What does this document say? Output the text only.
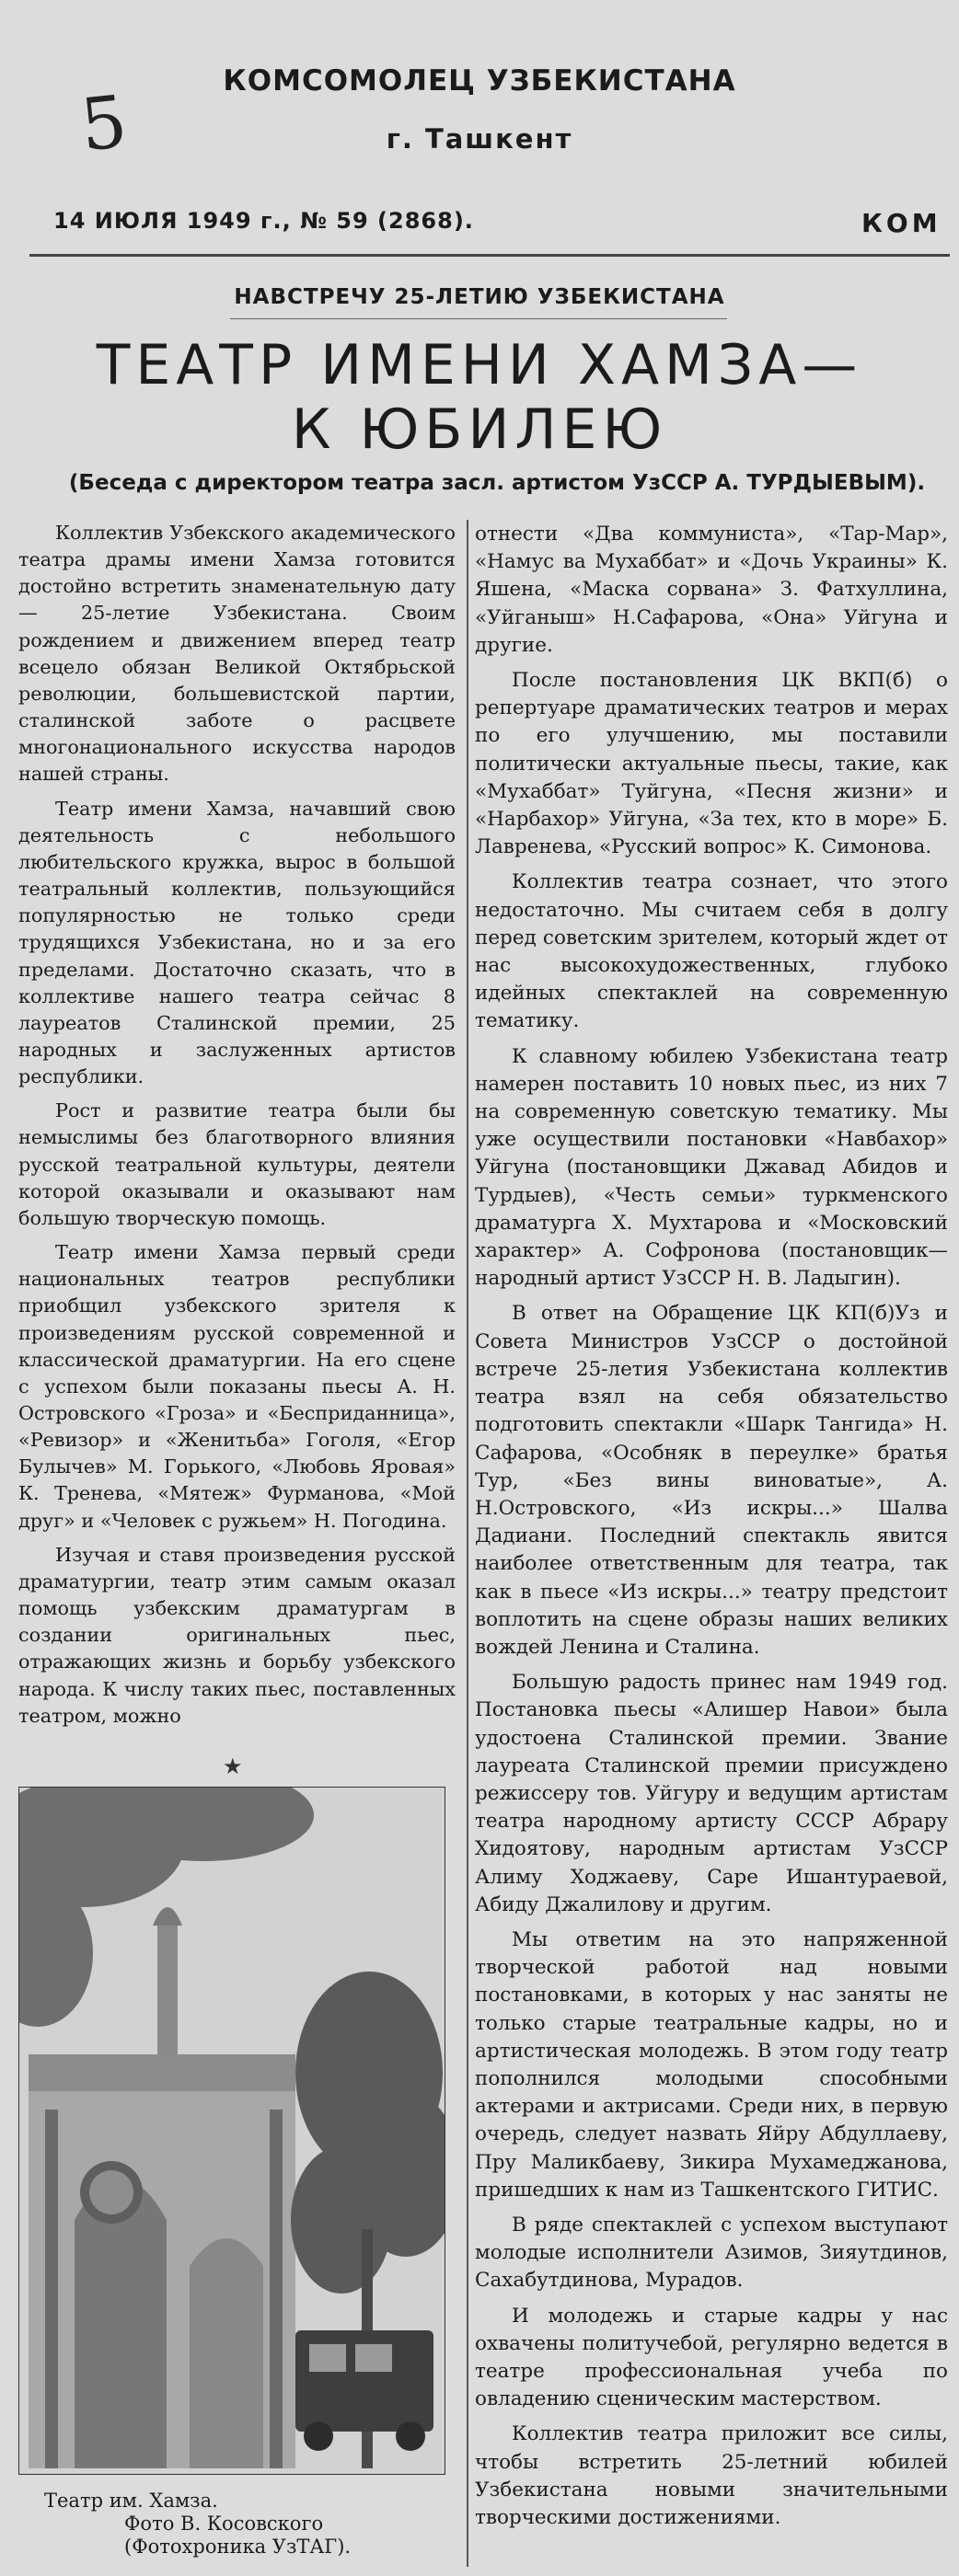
5	КОМСОМОЛЕЦ УЗБЕКИСТАНА
г. Ташкент
14 ИЮЛЯ 1949 г., № 59 (2868).	КОМ
НАВСТРЕЧУ 25-ЛЕТИЮ УЗБЕКИСТАНА
ТЕАТР ИМЕНИ ХАМЗА—
К ЮБИЛЕЮ
(Беседа с директором театра засл. артистом УзССР А. ТУРДЫЕВЫМ).

Коллектив Узбекского академического театра драмы имени Хамза готовится достойно встретить знаменательную дату— 25-летие Узбекистана. Своим рождением и движением вперед театр всецело обязан Великой Октябрьской революции, большевистской партии, сталинской заботе о расцвете многонационального искусства народов нашей страны.

Театр имени Хамза, начавший свою деятельность с небольшого любительского кружка, вырос в большой театральный коллектив, пользующийся популярностью не только среди трудящихся Узбекистана, но и за его пределами. Достаточно сказать, что в коллективе нашего театра сейчас 8 лауреатов Сталинской премии, 25 народных и заслуженных артистов республики.

Рост и развитие театра были бы немыслимы без благотворного влияния русской театральной культуры, деятели которой оказывали и оказывают нам большую творческую помощь.

Театр имени Хамза первый среди национальных театров республики приобщил узбекского зрителя к произведениям русской современной и классической драматургии. На его сцене с успехом были показаны пьесы А. Н. Островского «Гроза» и «Бесприданница», «Ревизор» и «Женитьба» Гоголя, «Егор Булычев» М. Горького, «Любовь Яровая» К. Тренева, «Мятеж» Фурманова, «Мой друг» и «Человек с ружьем» Н. Погодина.

Изучая и ставя произведения русской драматургии, театр этим самым оказал помощь узбекским драматургам в создании оригинальных пьес, отражающих жизнь и борьбу узбекского народа. К числу таких пьес, поставленных театром, можно

★
Театр им. Хамза.
Фото В. Косовского
(Фотохроника УзТАГ).

отнести «Два коммуниста», «Тар-Мар», «Намус ва Мухаббат» и «Дочь Украины» К. Яшена, «Маска сорвана» З. Фатхуллина, «Уйганыш» Н.Сафарова, «Она» Уйгуна и другие.

После постановления ЦК ВКП(б) о репертуаре драматических театров и мерах по его улучшению, мы поставили политически актуальные пьесы, такие, как «Мухаббат» Туйгуна, «Песня жизни» и «Нарбахор» Уйгуна, «За тех, кто в море» Б. Лавренева, «Русский вопрос» К. Симонова.

Коллектив театра сознает, что этого недостаточно. Мы считаем себя в долгу перед советским зрителем, который ждет от нас высокохудожественных, глубоко идейных спектаклей на современную тематику.

К славному юбилею Узбекистана театр намерен поставить 10 новых пьес, из них 7 на современную советскую тематику. Мы уже осуществили постановки «Навбахор» Уйгуна (постановщики Джавад Абидов и Турдыев), «Честь семьи» туркменского драматурга Х. Мухтарова и «Московский характер» А. Софронова (постановщик— народный артист УзССР Н. В. Ладыгин).

В ответ на Обращение ЦК КП(б)Уз и Совета Министров УзССР о достойной встрече 25-летия Узбекистана коллектив театра взял на себя обязательство подготовить спектакли «Шарк Тангида» Н. Сафарова, «Особняк в переулке» братья Тур, «Без вины виноватые», А. Н.Островского, «Из искры...» Шалва Дадиани. Последний спектакль явится наиболее ответственным для театра, так как в пьесе «Из искры...» театру предстоит воплотить на сцене образы наших великих вождей Ленина и Сталина.

Большую радость принес нам 1949 год. Постановка пьесы «Алишер Навои» была удостоена Сталинской премии. Звание лауреата Сталинской премии присуждено режиссеру тов. Уйгуру и ведущим артистам театра народному артисту СССР Абрару Хидоятову, народным артистам УзССР Алиму Ходжаеву, Саре Ишантураевой, Абиду Джалилову и другим.

Мы ответим на это напряженной творческой работой над новыми постановками, в которых у нас заняты не только старые театральные кадры, но и артистическая молодежь. В этом году театр пополнился молодыми способными актерами и актрисами. Среди них, в первую очередь, следует назвать Яйру Абдуллаеву, Пру Маликбаеву, Зикира Мухамеджанова, пришедших к нам из Ташкентского ГИТИС.

В ряде спектаклей с успехом выступают молодые исполнители Азимов, Зияутдинов, Сахабутдинова, Мурадов.

И молодежь и старые кадры у нас охвачены политучебой, регулярно ведется в театре профессиональная учеба по овладению сценическим мастерством.

Коллектив театра приложит все силы, чтобы встретить 25-летний юбилей Узбекистана новыми значительными творческими достижениями.
